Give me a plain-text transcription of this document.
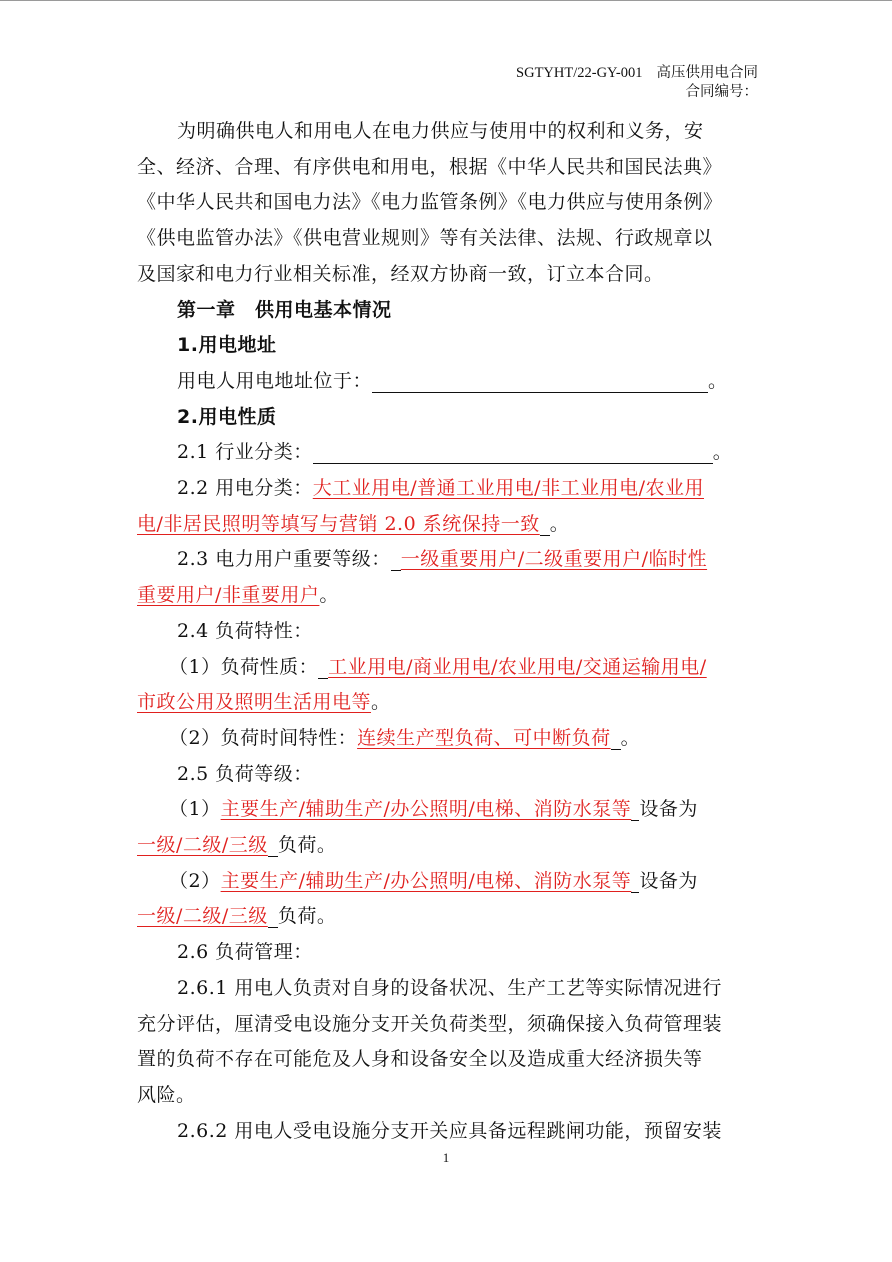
SGTYHT/22-GY-001 高压供用电合同
合同编号：

为明确供电人和用电人在电力供应与使用中的权利和义务，安

全、经济、合理、有序供电和用电，根据《中华人民共和国民法典》

《中华人民共和国电力法》《电力监管条例》《电力供应与使用条例》

《供电监管办法》《供电营业规则》等有关法律、法规、行政规章以

及国家和电力行业相关标准，经双方协商一致，订立本合同。

第一章　供用电基本情况

1.用电地址

用电人用电地址位于：	。

2.用电性质

2.1 行业分类：	。

2.2 用电分类：大工业用电/普通工业用电/非工业用电/农业用

电/非居民照明等填写与营销 2.0 系统保持一致 。

2.3 电力用户重要等级： 一级重要用户/二级重要用户/临时性

重要用户/非重要用户。

2.4 负荷特性：

（1）负荷性质： 工业用电/商业用电/农业用电/交通运输用电/

市政公用及照明生活用电等。

（2）负荷时间特性：连续生产型负荷、可中断负荷 。

2.5 负荷等级：

（1）主要生产/辅助生产/办公照明/电梯、消防水泵等 设备为

一级/二级/三级 负荷。

（2）主要生产/辅助生产/办公照明/电梯、消防水泵等 设备为

一级/二级/三级 负荷。

2.6 负荷管理：

2.6.1 用电人负责对自身的设备状况、生产工艺等实际情况进行

充分评估，厘清受电设施分支开关负荷类型，须确保接入负荷管理装

置的负荷不存在可能危及人身和设备安全以及造成重大经济损失等

风险。

2.6.2 用电人受电设施分支开关应具备远程跳闸功能，预留安装

1
